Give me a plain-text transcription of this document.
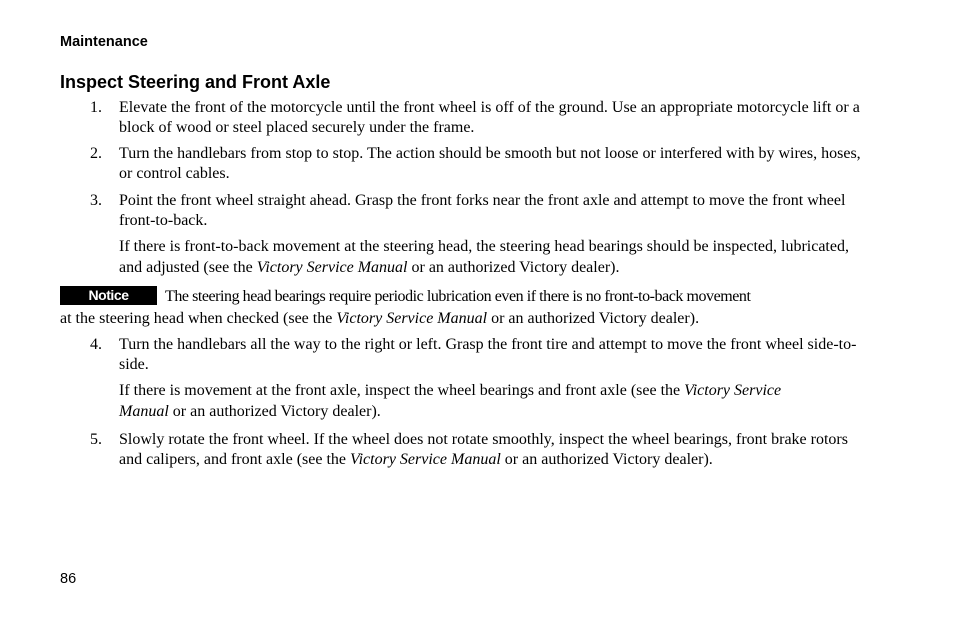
Maintenance
Inspect Steering and Front Axle
1. Elevate the front of the motorcycle until the front wheel is off of the ground. Use an appropriate motorcycle lift or a block of wood or steel placed securely under the frame.
2. Turn the handlebars from stop to stop. The action should be smooth but not loose or interfered with by wires, hoses, or control cables.
3. Point the front wheel straight ahead. Grasp the front forks near the front axle and attempt to move the front wheel front-to-back.
If there is front-to-back movement at the steering head, the steering head bearings should be inspected, lubricated, and adjusted (see the Victory Service Manual or an authorized Victory dealer).
Notice The steering head bearings require periodic lubrication even if there is no front-to-back movement
at the steering head when checked (see the Victory Service Manual or an authorized Victory dealer).
4. Turn the handlebars all the way to the right or left. Grasp the front tire and attempt to move the front wheel side-to-side.
If there is movement at the front axle, inspect the wheel bearings and front axle (see the Victory Service Manual or an authorized Victory dealer).
5. Slowly rotate the front wheel. If the wheel does not rotate smoothly, inspect the wheel bearings, front brake rotors and calipers, and front axle (see the Victory Service Manual or an authorized Victory dealer).
86
